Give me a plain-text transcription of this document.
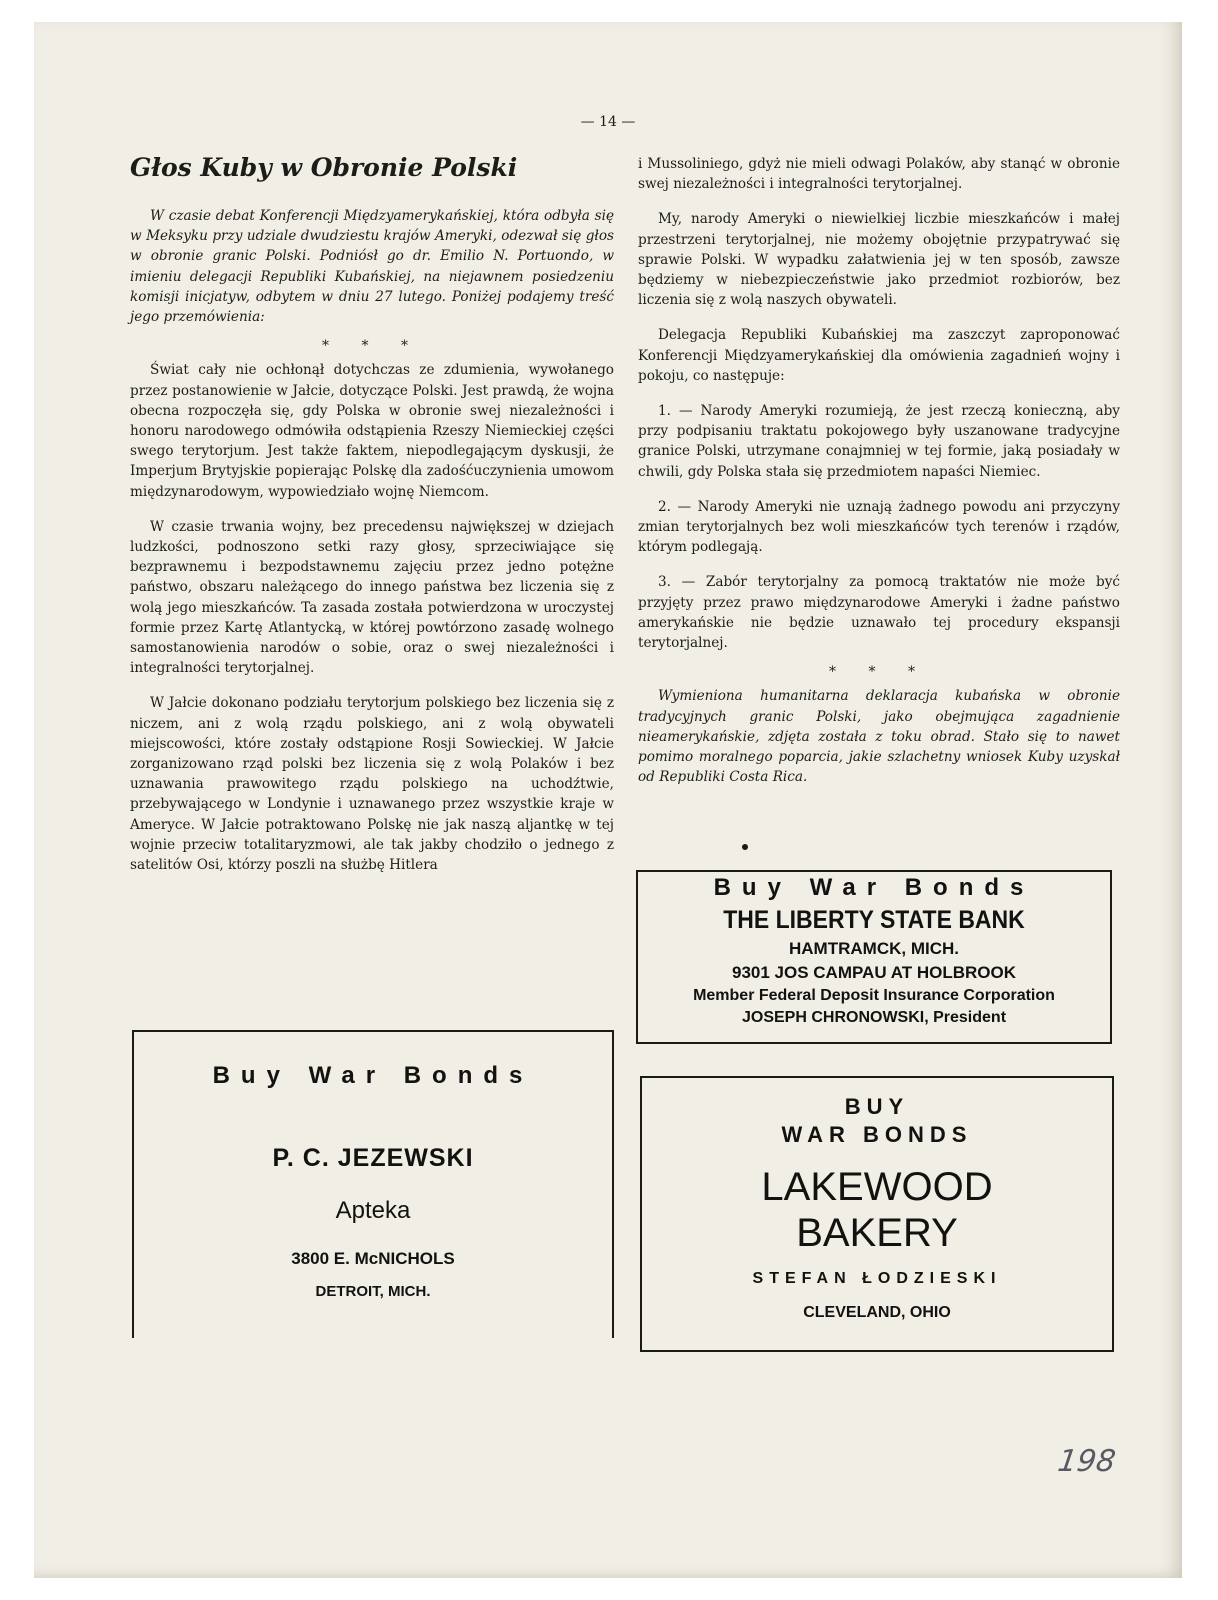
— 14 —
Głos Kuby w Obronie Polski

W czasie debat Konferencji Międzyamerykańskiej, która odbyła się w Meksyku przy udziale dwudziestu krajów Ameryki, odezwał się głos w obronie granic Polski. Podniósł go dr. Emilio N. Portuondo, w imieniu delegacji Republiki Kubańskiej, na niejawnem posiedzeniu komisji inicjatyw, odbytem w dniu 27 lutego. Poniżej podajemy treść jego przemówienia:

* * *

Świat cały nie ochłonął dotychczas ze zdumienia, wywołanego przez postanowienie w Jałcie, dotyczące Polski. Jest prawdą, że wojna obecna rozpoczęła się, gdy Polska w obronie swej niezależności i honoru narodowego odmówiła odstąpienia Rzeszy Niemieckiej części swego terytorjum. Jest także faktem, niepodlegającym dyskusji, że Imperjum Brytyjskie popierając Polskę dla zadośćuczynienia umowom międzynarodowym, wypowiedziało wojnę Niemcom.

W czasie trwania wojny, bez precedensu największej w dziejach ludzkości, podnoszono setki razy głosy, sprzeciwiające się bezprawnemu i bezpodstawnemu zajęciu przez jedno potężne państwo, obszaru należącego do innego państwa bez liczenia się z wolą jego mieszkańców. Ta zasada została potwierdzona w uroczystej formie przez Kartę Atlantycką, w której powtórzono zasadę wolnego samostanowienia narodów o sobie, oraz o swej niezależności i integralności terytorjalnej.

W Jałcie dokonano podziału terytorjum polskiego bez liczenia się z niczem, ani z wolą rządu polskiego, ani z wolą obywateli miejscowości, które zostały odstąpione Rosji Sowieckiej. W Jałcie zorganizowano rząd polski bez liczenia się z wolą Polaków i bez uznawania prawowitego rządu polskiego na uchodźtwie, przebywającego w Londynie i uznawanego przez wszystkie kraje w Ameryce. W Jałcie potraktowano Polskę nie jak naszą aljantkę w tej wojnie przeciw totalitaryzmowi, ale tak jakby chodziło o jednego z satelitów Osi, którzy poszli na służbę Hitlera

i Mussoliniego, gdyż nie mieli odwagi Polaków, aby stanąć w obronie swej niezależności i integralności terytorjalnej.

My, narody Ameryki o niewielkiej liczbie mieszkańców i małej przestrzeni terytorjalnej, nie możemy obojętnie przypatrywać się sprawie Polski. W wypadku załatwienia jej w ten sposób, zawsze będziemy w niebezpieczeństwie jako przedmiot rozbiorów, bez liczenia się z wolą naszych obywateli.

Delegacja Republiki Kubańskiej ma zaszczyt zaproponować Konferencji Międzyamerykańskiej dla omówienia zagadnień wojny i pokoju, co następuje:

1. — Narody Ameryki rozumieją, że jest rzeczą konieczną, aby przy podpisaniu traktatu pokojowego były uszanowane tradycyjne granice Polski, utrzymane conajmniej w tej formie, jaką posiadały w chwili, gdy Polska stała się przedmiotem napaści Niemiec.

2. — Narody Ameryki nie uznają żadnego powodu ani przyczyny zmian terytorjalnych bez woli mieszkańców tych terenów i rządów, którym podlegają.

3. — Zabór terytorjalny za pomocą traktatów nie może być przyjęty przez prawo międzynarodowe Ameryki i żadne państwo amerykańskie nie będzie uznawało tej procedury ekspansji terytorjalnej.

* * *

Wymieniona humanitarna deklaracja kubańska w obronie tradycyjnych granic Polski, jako obejmująca zagadnienie nieamerykańskie, zdjęta została z toku obrad. Stało się to nawet pomimo moralnego poparcia, jakie szlachetny wniosek Kuby uzyskał od Republiki Costa Rica.

Buy War Bonds
THE LIBERTY STATE BANK
HAMTRAMCK, MICH.
9301 JOS CAMPAU AT HOLBROOK
Member Federal Deposit Insurance Corporation
JOSEPH CHRONOWSKI, President
Buy War Bonds
P. C. JEZEWSKI
Apteka
3800 E. McNICHOLS
DETROIT, MICH.
BUY
WAR BONDS
LAKEWOOD
BAKERY
STEFAN ŁODZIESKI
CLEVELAND, OHIO
198
